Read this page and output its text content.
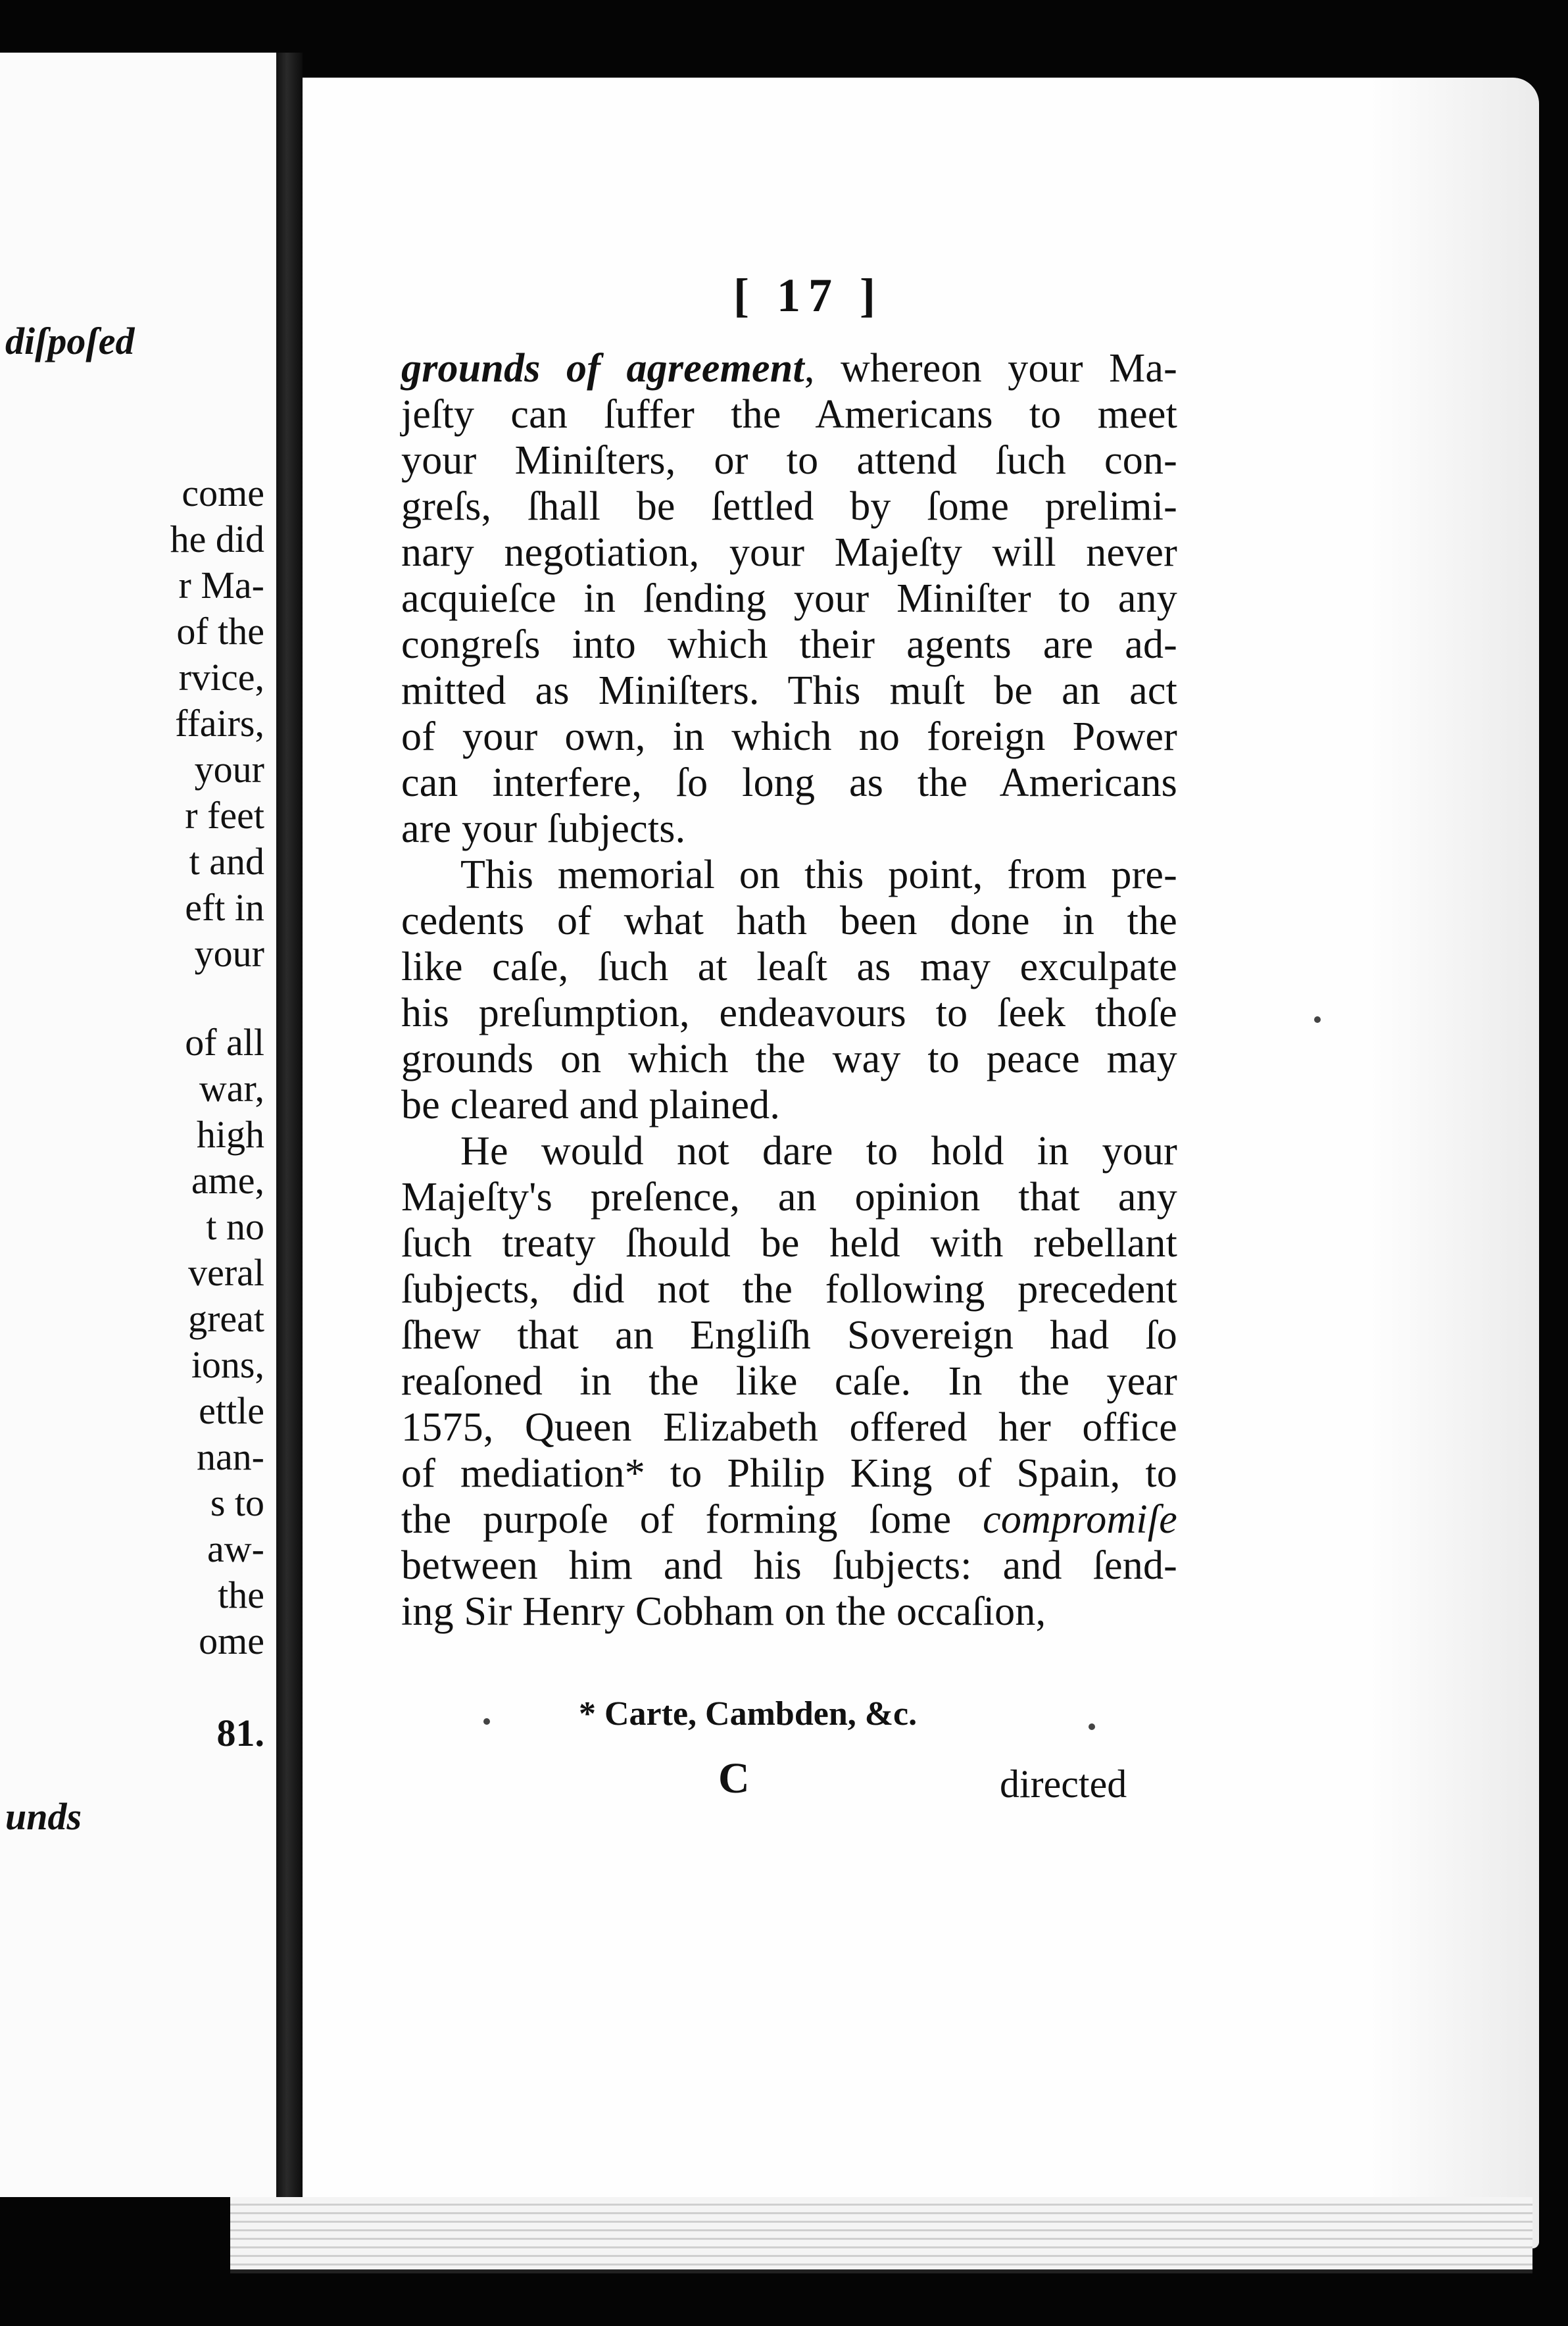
diſpoſed
come
he did
r Ma-
of the
rvice,
ffairs,
your
r feet
t and
eft in
your
of all
war,
high
ame,
t no
veral
great
ions,
ettle
nan-
s to
aw-
the
ome
81.
unds
[ 17 ]
grounds of agreement, whereon your Ma-
jeſty can ſuffer the Americans to meet
your Miniſters, or to attend ſuch con-
greſs, ſhall be ſettled by ſome prelimi-
nary negotiation, your Majeſty will never
acquieſce in ſending your Miniſter to any
congreſs into which their agents are ad-
mitted as Miniſters. This muſt be an act
of your own, in which no foreign Power
can interfere, ſo long as the Americans
are your ſubjects.
This memorial on this point, from pre-
cedents of what hath been done in the
like caſe, ſuch at leaſt as may exculpate
his preſumption, endeavours to ſeek thoſe
grounds on which the way to peace may
be cleared and plained.
He would not dare to hold in your
Majeſty's preſence, an opinion that any
ſuch treaty ſhould be held with rebellant
ſubjects, did not the following precedent
ſhew that an Engliſh Sovereign had ſo
reaſoned in the like caſe. In the year
1575, Queen Elizabeth offered her office
of mediation* to Philip King of Spain, to
the purpoſe of forming ſome compromiſe
between him and his ſubjects: and ſend-
ing Sir Henry Cobham on the occaſion,
* Carte, Cambden, &c.
C	directed
